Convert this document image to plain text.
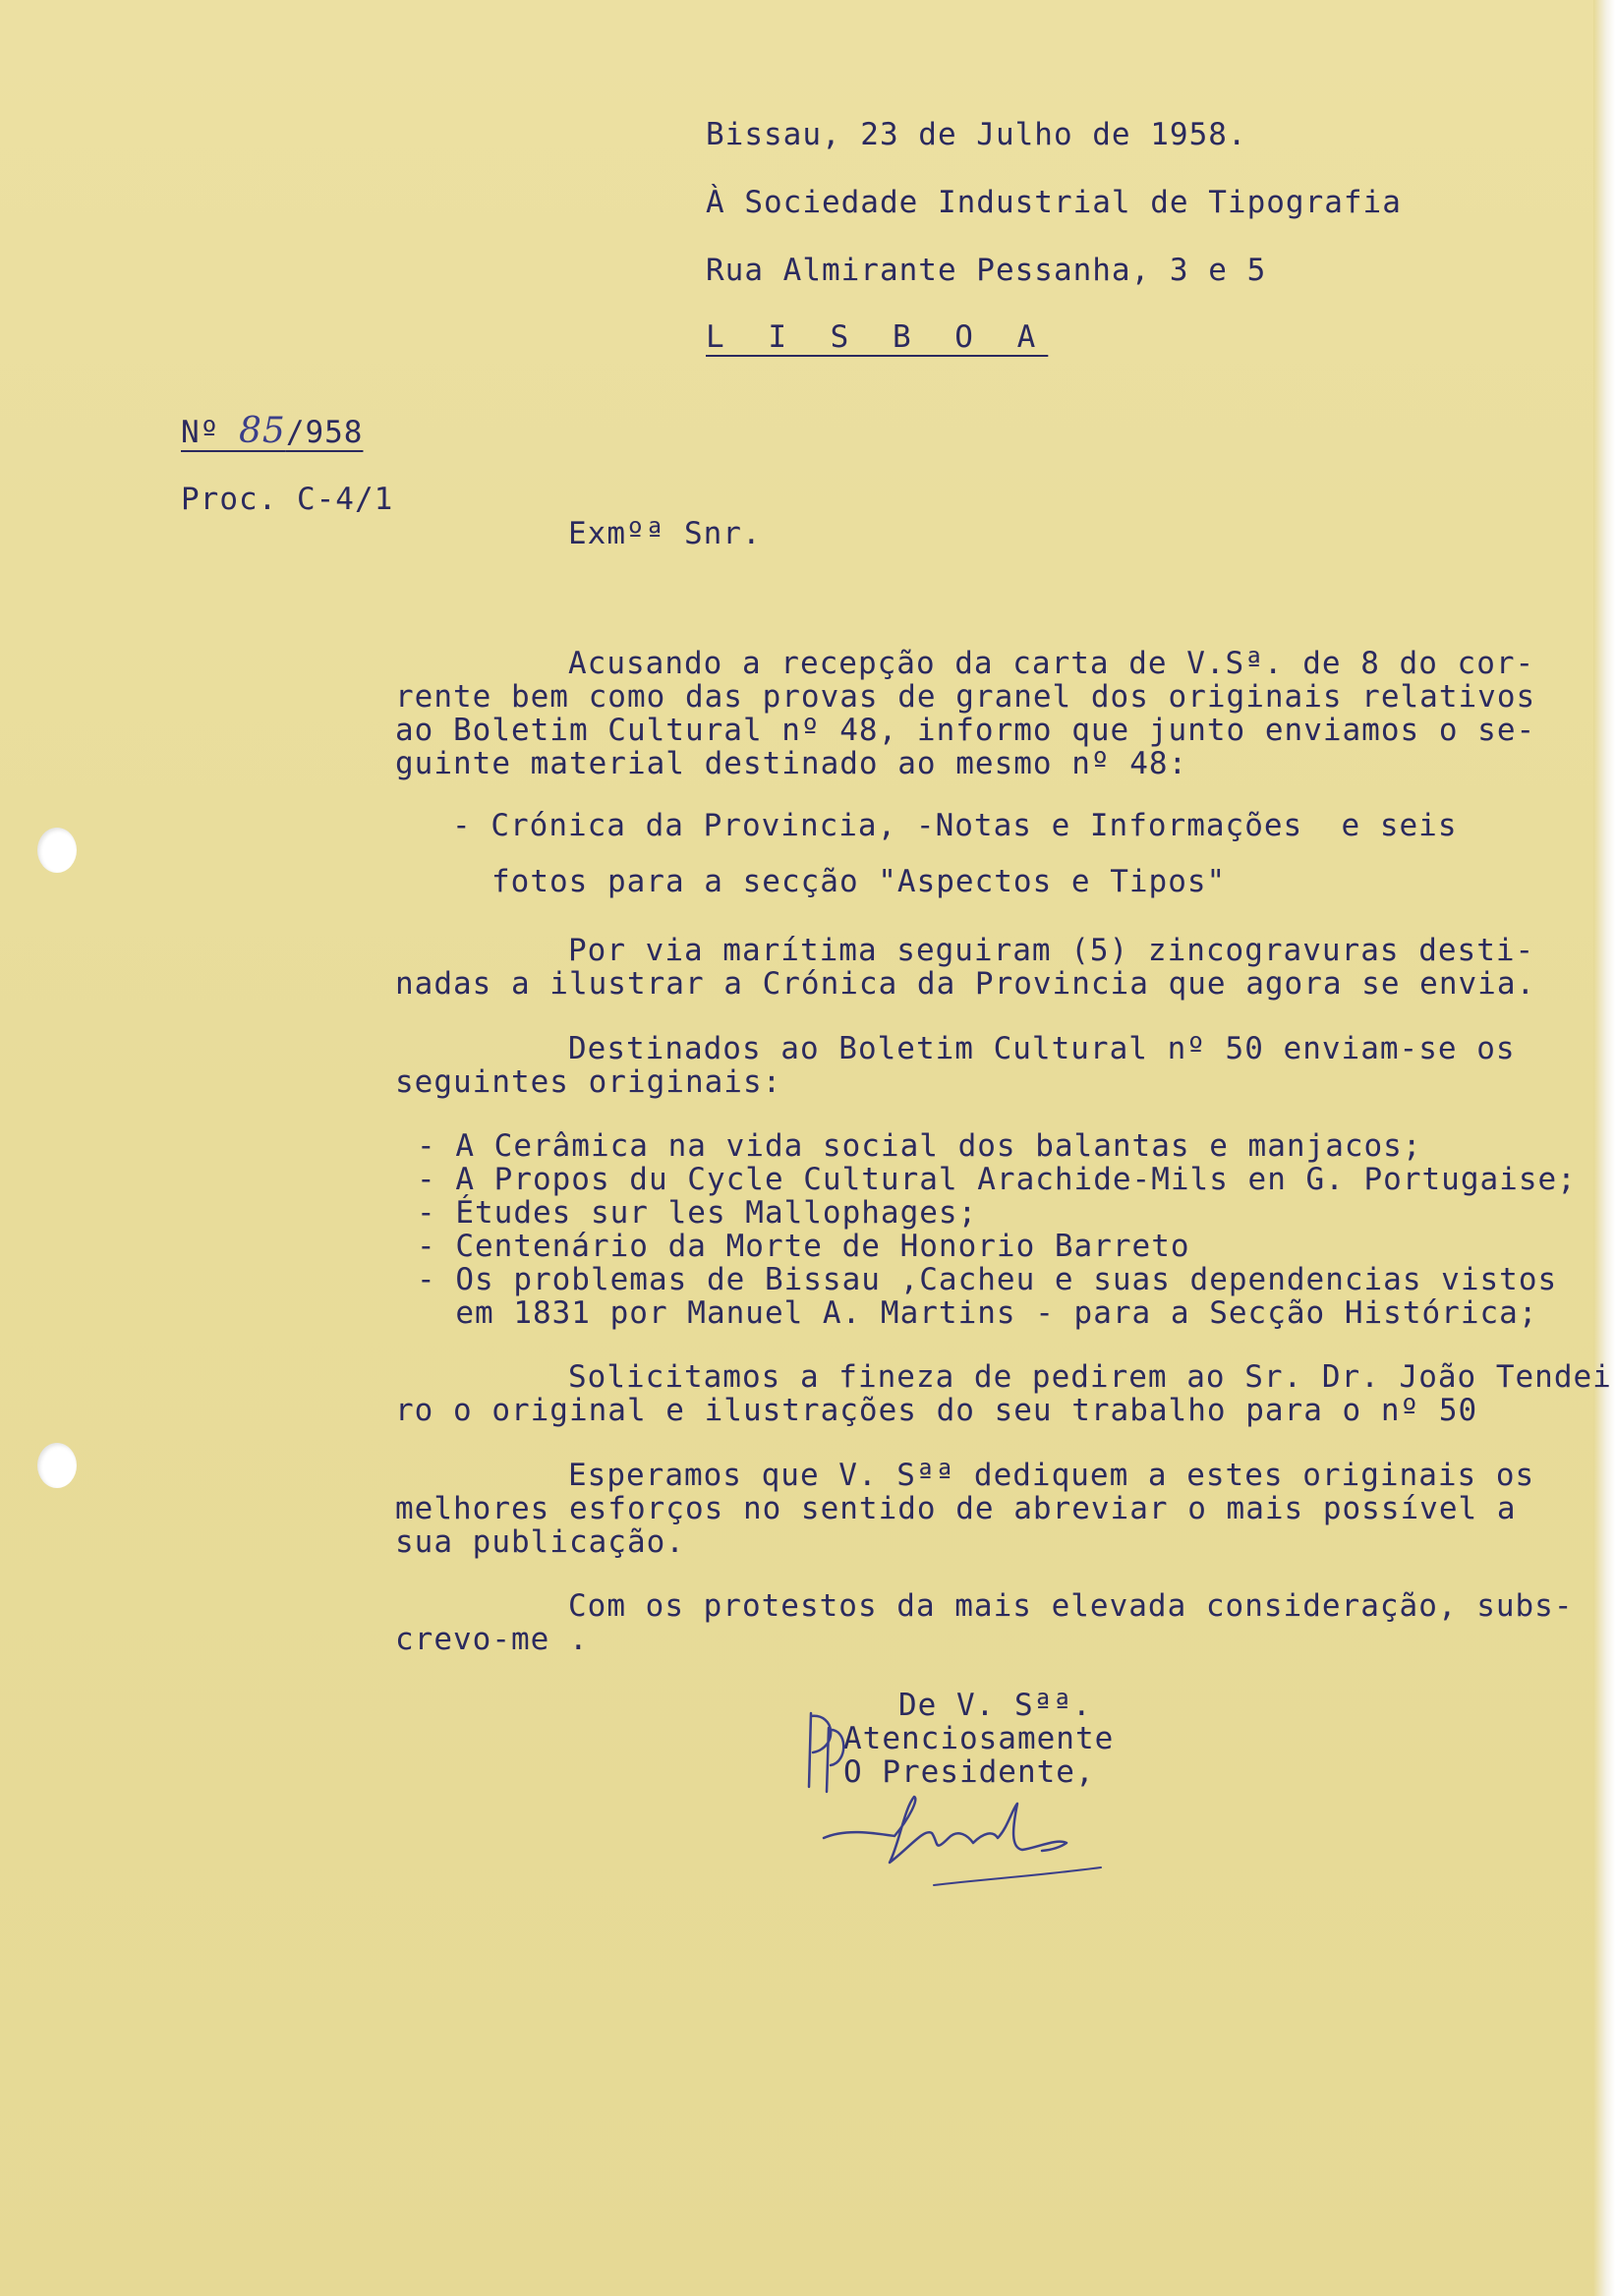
Bissau, 23 de Julho de 1958.
À Sociedade Industrial de Tipografia
Rua Almirante Pessanha, 3 e 5
L I S B O A
Nº 85/958
Proc. C-4/1
Exmºª Snr.
Acusando a recepção da carta de V.Sª. de 8 do cor-
rente bem como das provas de granel dos originais relativos
ao Boletim Cultural nº 48, informo que junto enviamos o se-
guinte material destinado ao mesmo nº 48:
- Crónica da Provincia, -Notas e Informações  e seis
fotos para a secção "Aspectos e Tipos"
Por via marítima seguiram (5) zincogravuras desti-
nadas a ilustrar a Crónica da Provincia que agora se envia.
Destinados ao Boletim Cultural nº 50 enviam-se os
seguintes originais:
- A Cerâmica na vida social dos balantas e manjacos;
- A Propos du Cycle Cultural Arachide-Mils en G. Portugaise;
- Études sur les Mallophages;
- Centenário da Morte de Honorio Barreto
- Os problemas de Bissau ,Cacheu e suas dependencias vistos
em 1831 por Manuel A. Martins - para a Secção Histórica;
Solicitamos a fineza de pedirem ao Sr. Dr. João Tendei
ro o original e ilustrações do seu trabalho para o nº 50
Esperamos que V. Sªª dediquem a estes originais os
melhores esforços no sentido de abreviar o mais possível a
sua publicação.
Com os protestos da mais elevada consideração, subs-
crevo-me .
De V. Sªª.
Atenciosamente
O Presidente,
